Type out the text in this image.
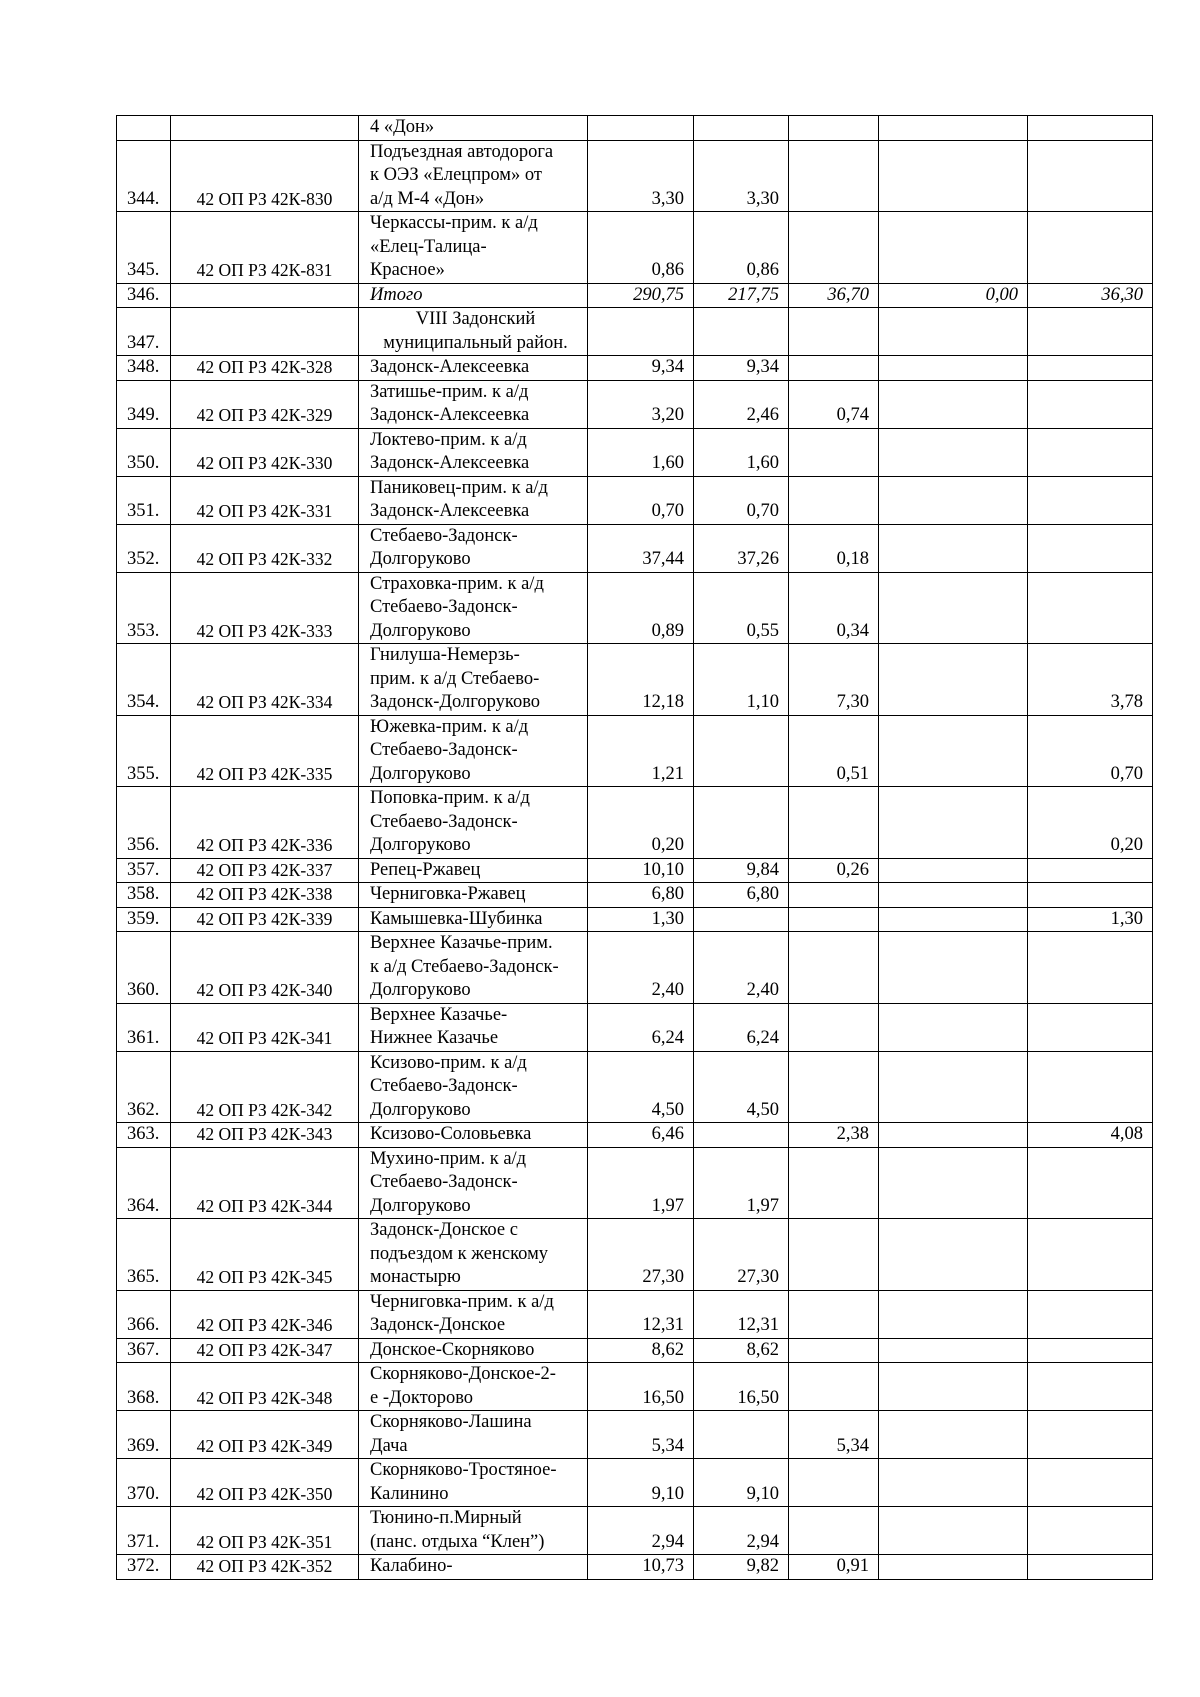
		4 «Дон»					
344.	42 ОП РЗ 42К-830	Подъездная автодорога
к ОЭЗ «Елецпром» от
а/д М-4 «Дон»	3,30	3,30			
345.	42 ОП РЗ 42К-831	Черкассы-прим. к а/д
«Елец-Талица-
Красное»	0,86	0,86			
346.		Итого	290,75	217,75	36,70	0,00	36,30
347.		VIII Задонский
муниципальный район.					
348.	42 ОП РЗ 42К-328	Задонск-Алексеевка	9,34	9,34			
349.	42 ОП РЗ 42К-329	Затишье-прим. к а/д
Задонск-Алексеевка	3,20	2,46	0,74		
350.	42 ОП РЗ 42К-330	Локтево-прим. к а/д
Задонск-Алексеевка	1,60	1,60			
351.	42 ОП РЗ 42К-331	Паниковец-прим. к а/д
Задонск-Алексеевка	0,70	0,70			
352.	42 ОП РЗ 42К-332	Стебаево-Задонск-
Долгоруково	37,44	37,26	0,18		
353.	42 ОП РЗ 42К-333	Страховка-прим. к а/д
Стебаево-Задонск-
Долгоруково	0,89	0,55	0,34		
354.	42 ОП РЗ 42К-334	Гнилуша-Немерзь-
прим. к а/д Стебаево-
Задонск-Долгоруково	12,18	1,10	7,30		3,78
355.	42 ОП РЗ 42К-335	Южевка-прим. к а/д
Стебаево-Задонск-
Долгоруково	1,21		0,51		0,70
356.	42 ОП РЗ 42К-336	Поповка-прим. к а/д
Стебаево-Задонск-
Долгоруково	0,20				0,20
357.	42 ОП РЗ 42К-337	Репец-Ржавец	10,10	9,84	0,26		
358.	42 ОП РЗ 42К-338	Черниговка-Ржавец	6,80	6,80			
359.	42 ОП РЗ 42К-339	Камышевка-Шубинка	1,30				1,30
360.	42 ОП РЗ 42К-340	Верхнее Казачье-прим.
к а/д Стебаево-Задонск-
Долгоруково	2,40	2,40			
361.	42 ОП РЗ 42К-341	Верхнее Казачье-
Нижнее Казачье	6,24	6,24			
362.	42 ОП РЗ 42К-342	Ксизово-прим. к а/д
Стебаево-Задонск-
Долгоруково	4,50	4,50			
363.	42 ОП РЗ 42К-343	Ксизово-Соловьевка	6,46		2,38		4,08
364.	42 ОП РЗ 42К-344	Мухино-прим. к а/д
Стебаево-Задонск-
Долгоруково	1,97	1,97			
365.	42 ОП РЗ 42К-345	Задонск-Донское с
подъездом к женскому
монастырю	27,30	27,30			
366.	42 ОП РЗ 42К-346	Черниговка-прим. к а/д
Задонск-Донское	12,31	12,31			
367.	42 ОП РЗ 42К-347	Донское-Скорняково	8,62	8,62			
368.	42 ОП РЗ 42К-348	Скорняково-Донское-2-
е -Докторово	16,50	16,50			
369.	42 ОП РЗ 42К-349	Скорняково-Лашина
Дача	5,34		5,34		
370.	42 ОП РЗ 42К-350	Скорняково-Тростяное-
Калинино	9,10	9,10			
371.	42 ОП РЗ 42К-351	Тюнино-п.Мирный
(панс. отдыха “Клен”)	2,94	2,94			
372.	42 ОП РЗ 42К-352	Калабино-	10,73	9,82	0,91		
